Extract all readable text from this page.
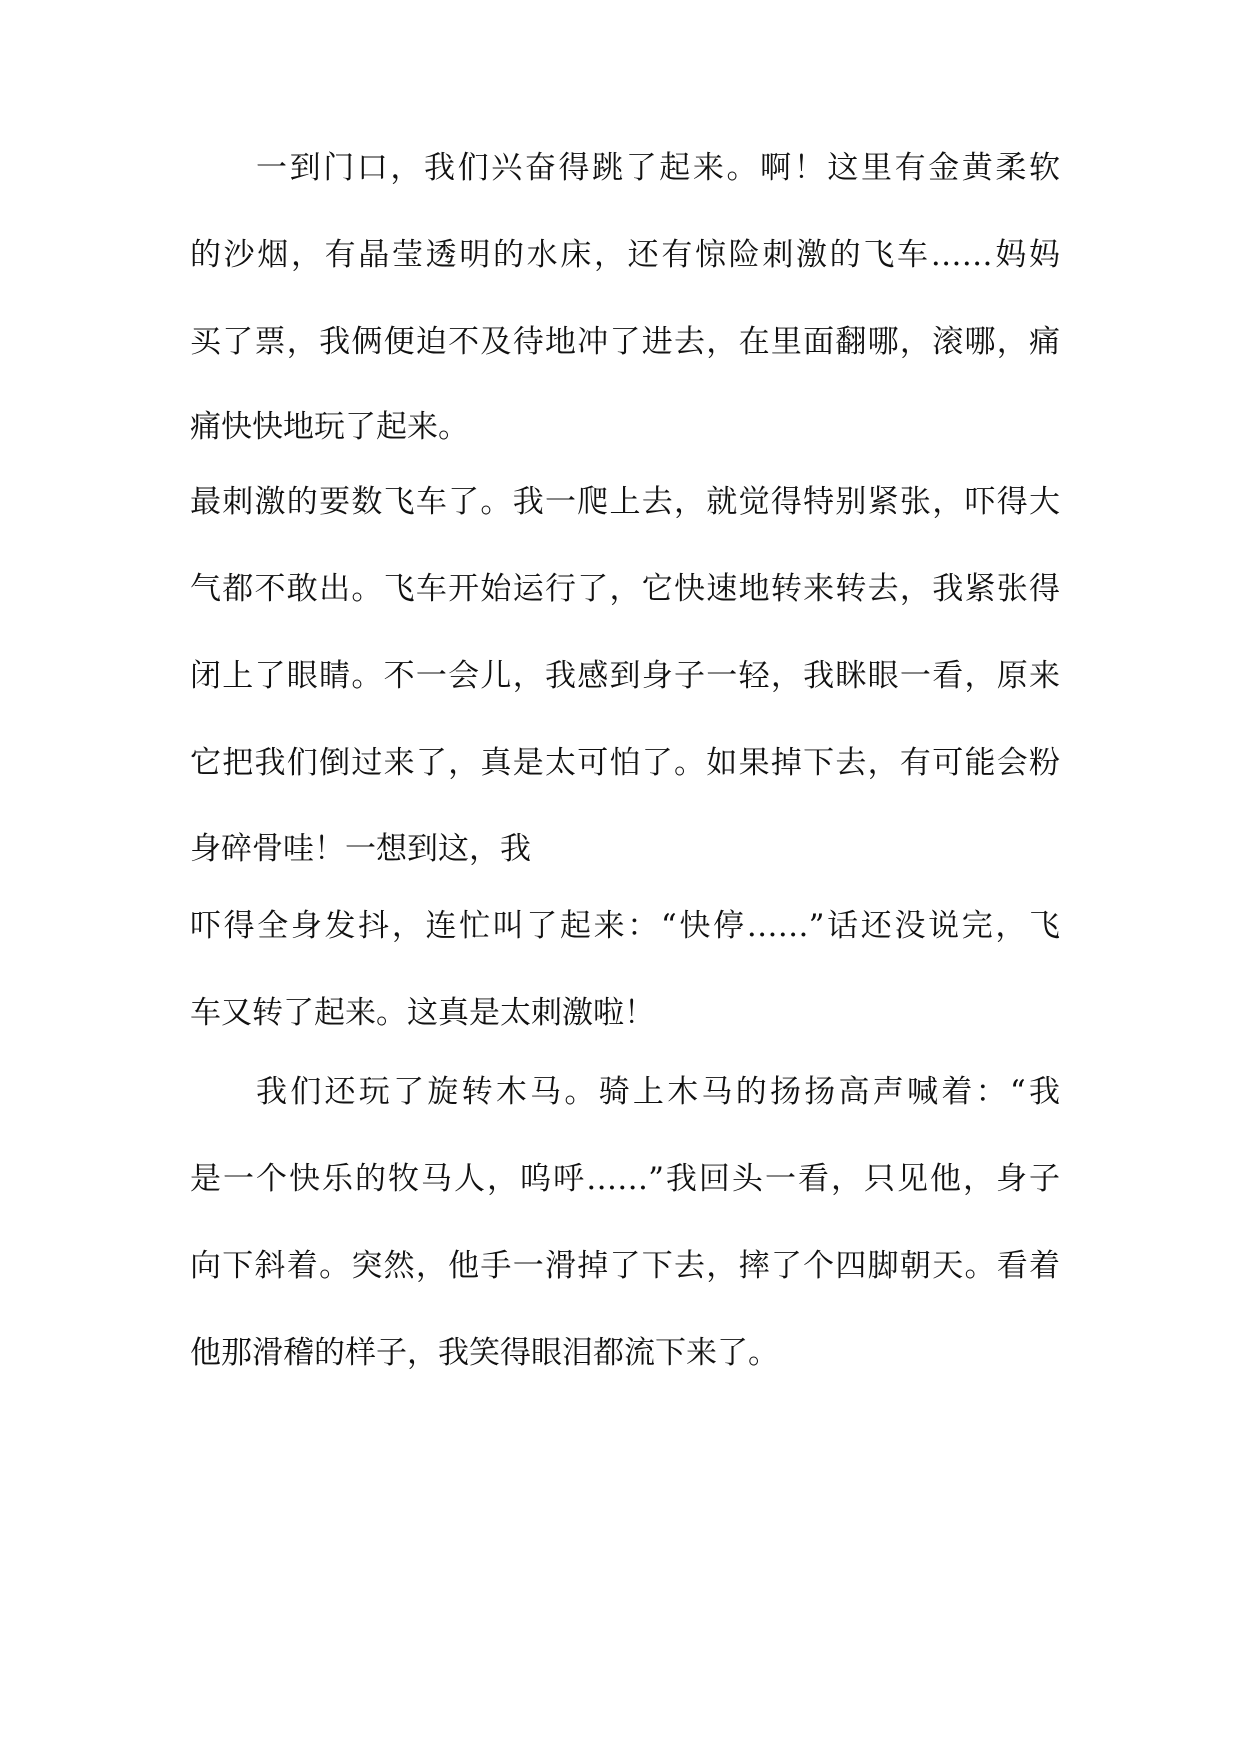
一到门口，我们兴奋得跳了起来。啊！这里有金黄柔软
的沙烟，有晶莹透明的水床，还有惊险刺激的飞车……妈妈
买了票，我俩便迫不及待地冲了进去，在里面翻哪，滚哪，痛
痛快快地玩了起来。
最刺激的要数飞车了。我一爬上去，就觉得特别紧张，吓得大
气都不敢出。飞车开始运行了，它快速地转来转去，我紧张得
闭上了眼睛。不一会儿，我感到身子一轻，我眯眼一看，原来
它把我们倒过来了，真是太可怕了。如果掉下去，有可能会粉
身碎骨哇！一想到这，我
吓得全身发抖，连忙叫了起来：“快停……”话还没说完，飞
车又转了起来。这真是太刺激啦！
我们还玩了旋转木马。骑上木马的扬扬高声喊着：“我
是一个快乐的牧马人，呜呼……”我回头一看，只见他，身子
向下斜着。突然，他手一滑掉了下去，摔了个四脚朝天。看着
他那滑稽的样子，我笑得眼泪都流下来了。
